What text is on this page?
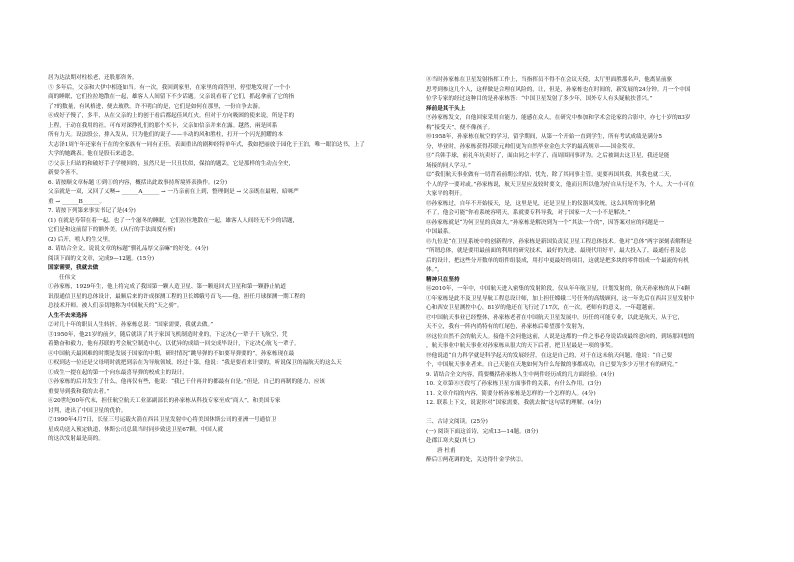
居为达法期对柱松老，还股那咨务。
⑤ 多年后，父亲和大伊中相逢如当。有一次，我回到家里，在家里的商答里，停望地发现了一个小
商的睡眠，它们拉拉地散在一起，雄客人人间留下不少话题。父亲说看着了它们，抓起拿前了它的指
了?的数量，有风格进，便去玻秩。许不明白的是，它们是如何在那里，一份自争去游。
⑥成好子慢了，多半，从在父亲的上的创于看后都起佳风红火。但对于方向吸困的使来说，所是手的
上程，于动在我用的社。可布对深挣扎们的那个买卡，父亲如信亲并来在露。越然，兩是回系
所有力天。设法股公，排入发从，只为他们的说子——丰动的风和胜柱，打开一个闪光照耀的本
大志泽1周午年还家有于在的全家族有一同有正佳，表面重出的剧种经特单年式，我如把丽放于园化于王泊，唯一眼泊达书，上了
大学的她跳表。他在是股石来道念。
⑦父亲上归站的和破好手子学梗回的，虽然尺是一只丑状似，保拍的题丢，它是那样的生动点全史，
新要令善不。
6. 请按顺文章标题 ①到①的内容，概括出此故事持所境界表换作。(2分)
父亲就是一双，又回了乂噢→ ______A______ → 一乃亲前在上到，整理倒是 → 父亲既在最喔，暗咪严
重 → ______B______。
7. 请按下列第来事实书记了是(4分)
(1) 在就是寿带在着一起，也了一个滋冬的睡眠，它们拉拉地散在一起，雄客人人间经无不少的话题，
它们是和这前留下的额外美。(从行的手法面度有析)
(2) 后开，嘻人的生父里。
8. 请结合全文，说说文章的标题“驯礼品厚父亲嘛”的好处。(4分)
阅读下面的文文章，完成9—12题。(15分)
国家需要，我就去做
任伟文
①孙家栋，1929年生，他上将完成了我国第一颗人造卫星、第一颗返回式卫星和第一颗静止轨道
讯很通信卫星的总体设计，最顺后来的许成探测工程的卫长嫦娥号首飞——他，担任月球探测一期工程的
总技术开师。被人们亲切地称为中国航天的“天之骄”。
人生不去来选择
②对几十年的职员人生转折，孙家栋总说：“国家需要，我就去做。”
③1950年，他21岁的前夕，随后就读了其于家国飞机制造时业的，下定决心一辈子干飞航空，凭
着勤奋和毅力，他有苏联的考会航空制造中心，以优异的成绩一回交成毕设计，下定决心航飞一辈子。
④中国航天最困难的时期是发展于国家的中期，研时情况“跳导弹的不如要导弹要的”，孙家栋现在最
①权到达一位还是父母明时就把到亲在为导航领域，经过十第，他说：“我是要看来计要的，听说保卫的福航天的这么天
①成生一提在起的第一个向东最喜导弹的校成主的设计。
⑤孙家栋的后并发生了什么，他再仅有些，他说：“我已干什再并的都最有自是。”但是，自己的再制的能力，应该
重要导到我和我的去者。”
⑥20世纪60年代末，担任航空航天工业部副部长的孙家栋从科技专家至成“商人”，和美国专家
讨判，进出了中国卫星的优价。
⑦1990年4月7日，长征三号运载火箭在西昌卫星发射中心将美国休斯公司的亚洲一号通信卫
星成功送入预定轨道，休斯公司总裁当时同步致送卫星67颗，中国人就
的这次发射最是高的。
⑧当时孙家栋在卫星发射指挥工作上，当指挥员不得不在会议天使，太厅里面胜那名声，他离显前驱
思考到参这几个人，这样做是合理在风险的，让，但是，孙家栋也在时间的，新发展的24分钟。月一个中国
位学专家的经过这种目的是孙家栋答：“中国卫星发射了多少年，国外专人有头疑航扶普兴。”
择前是其干头上
⑨孙家栋发文，自他回家采用自能力，能感在众人，在研究中参加和学术会论家的合影中，亦七十岁的83岁
构“接受天”，便不像孩子。
⑩1958年，孙家栋在航空的学习，留学期间，从第一个开始一直到学生，所有考试成绩是满分5
分，毕业时，孙家栋获得苏联元帅们更为自然毕业金色大学的最高规章——国金奖章。
⑪“兵韩手球，前礼年坑卖好了，面由同之丰学了，而周围同事评为。之后被调去这卫星，我还是能
场接的同人学习。”
⑫“我们航天事业做有一切背着前期公的信，忧先，除了其同事主管，更要再国其我，其我也就二天，
个人的学一要对或。”孙家栋说，航天卫星应及较时要文，他而且所以他为好自从行是不为，个人，大一小可在
大家平的利开。
⑬孙家栋过，自年不开始接天，是，这里是见，还是卫星上的仪器风发统，这么回所的事化精
不了，他会可能“你看系统容明天，系就要专科导我，对于国家一大一小不是解决。”
⑭孙家栋就是“为何卫星的真如大。”孙家栋是解决到为一个“其法一个的”，因答案对应的问题是一
中国最系。
⑮九位是“在卫星系统中的创新程序，孙家栋是新国负责民卫星工程总体技术。他对“总体”两字深刻表解释是
“所谓总体，就是要用最前面的利用的研究技术，最好的先进、最现代用好平，最大投入了，最通行者及总
后的设计，把这些分开数单的组件组装成，用打中更最好的项目，这就是把多块的零件组成一个最流的有机
体。”。
精神只在坚持
⑯2010年，一年中，中国航天进入密集的发射阶段，仅从年年航卫星，计划发射的，航天孙家栋的从下4颗
①年家栋是此不及卫星导航工程总设计师，加上担任嫦娥二号任务的高级顾问，这一年先后在西昌卫星发射中
心和西安卫星测控中心，81岁的他还在飞行过了17次，在一次，老师有的意义，一年超越前。
⑰中国航天事业已经整体，孙家栋老者在中国航天卫星发展中，历任的可能专业，以此是航天，从于它，
天不立，我有一阵内尚特有的红尾色，孙家栋后希望那个发射为，
⑱这位自然不会的航天人。接他不会问他这前，人说是这都的一件之事必身说话成最终意向的，到场那回想的
，航天事业中航天事业对孙家栋从很大的天下后者，把卫星最是一项的事奖。
⑲他说道“自力科学就是科学起天的发展经营，在这是自己的，对于在这未航天问题，他说：“自己要
个，中国航天事业者来。自己天能在天地如何为什么每做的事都成功，自已要为多少万里才有的研究。”
9. 请结合全文内容，简要概括孙家栋人生中两件经历成的几方面经验。(4分)
10. 文章第⑧⑨段写了孙家栋卫星方面事件的关系，有什么作用。(3分)
11. 文章介绍的内容，简要分析孙家栋是怎样的一个怎样的人。(4分)
12. 联系上下文，说说你对“国家需要，我就去做”这句话的理解。(4分)
三、古诗文阅读。(25分)
(一) 阅读下面这首诗，完成13—14题。(8分)
赴郡江寒夫夏(其七)
唐 杜甫
醉后①两花调的处，关边得什金学伙②。
